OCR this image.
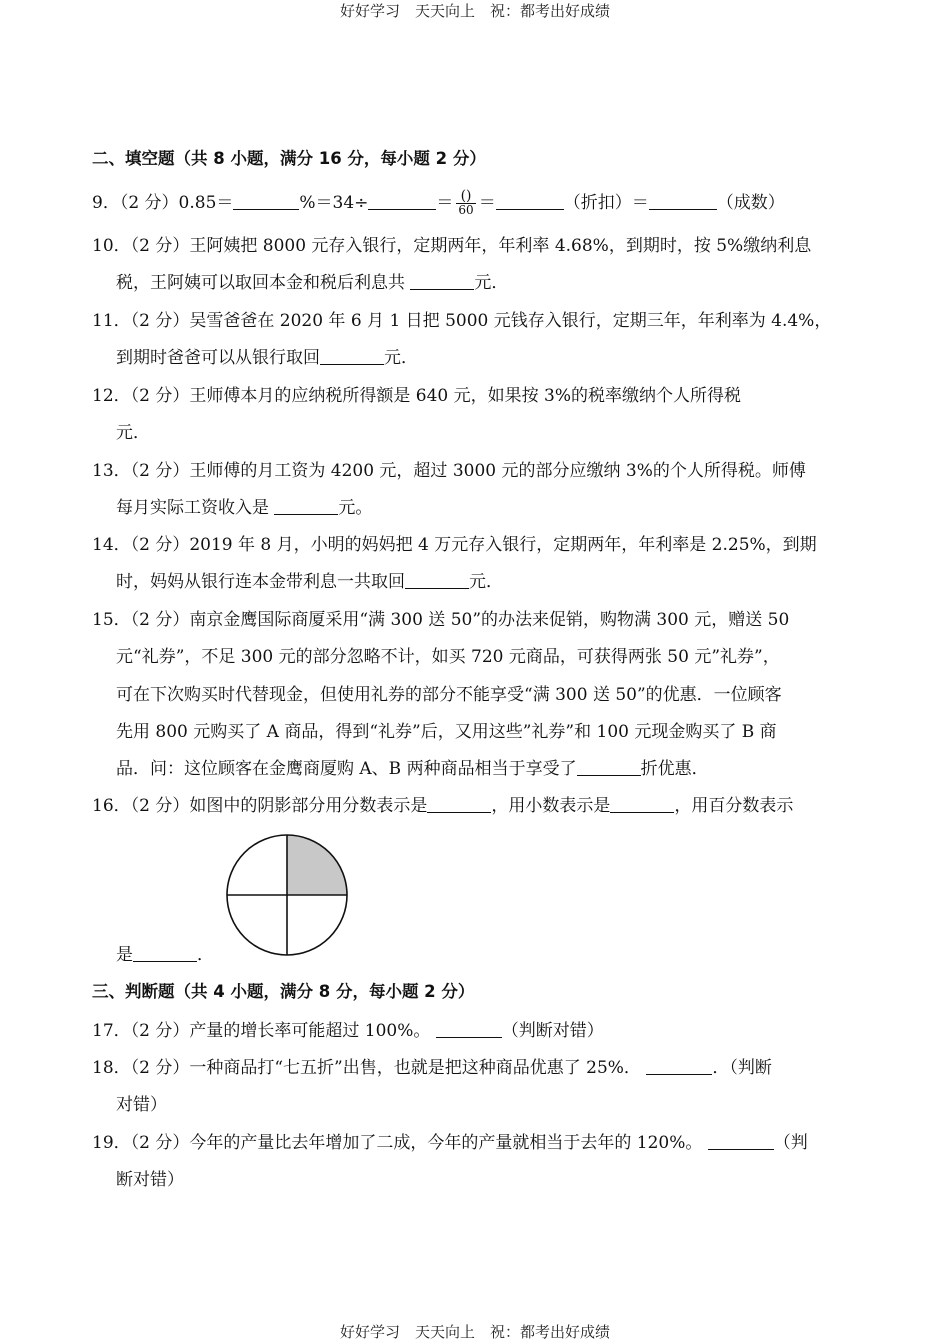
好好学习　天天向上　祝：都考出好成绩
二、填空题（共 8 小题，满分 16 分，每小题 2 分）
9．（2 分）0.85＝	%＝34÷	＝ $\frac{()}{60}$ ＝	（折扣）＝	（成数）
10．（2 分）王阿姨把 8000 元存入银行，定期两年，年利率 4.68%，到期时，按 5%缴纳利息
税，王阿姨可以取回本金和税后利息共	元．
11．（2 分）吴雪爸爸在 2020 年 6 月 1 日把 5000 元钱存入银行，定期三年，年利率为 4.4%，
到期时爸爸可以从银行取回	元．
12．（2 分）王师傅本月的应纳税所得额是 640 元，如果按 3%的税率缴纳个人所得税
元．
13．（2 分）王师傅的月工资为 4200 元，超过 3000 元的部分应缴纳 3%的个人所得税。师傅
每月实际工资收入是	元。
14．（2 分）2019 年 8 月，小明的妈妈把 4 万元存入银行，定期两年，年利率是 2.25%，到期
时，妈妈从银行连本金带利息一共取回	元．
15．（2 分）南京金鹰国际商厦采用“满 300 送 50”的办法来促销，购物满 300 元，赠送 50
元“礼券”，不足 300 元的部分忽略不计，如买 720 元商品，可获得两张 50 元”礼券”，
可在下次购买时代替现金，但使用礼券的部分不能享受“满 300 送 50”的优惠．一位顾客
先用 800 元购买了 A 商品，得到“礼券”后，又用这些”礼券”和 100 元现金购买了 B 商
品．问：这位顾客在金鹰商厦购 A、B 两种商品相当于享受了	折优惠．
16．（2 分）如图中的阴影部分用分数表示是	，用小数表示是	，用百分数表示
是	．
三、判断题（共 4 小题，满分 8 分，每小题 2 分）
17．（2 分）产量的增长率可能超过 100%。	（判断对错）
18．（2 分）一种商品打“七五折”出售，也就是把这种商品优惠了 25%．	．（判断
对错）
19．（2 分）今年的产量比去年增加了二成，今年的产量就相当于去年的 120%。	（判
断对错）
好好学习　天天向上　祝：都考出好成绩
